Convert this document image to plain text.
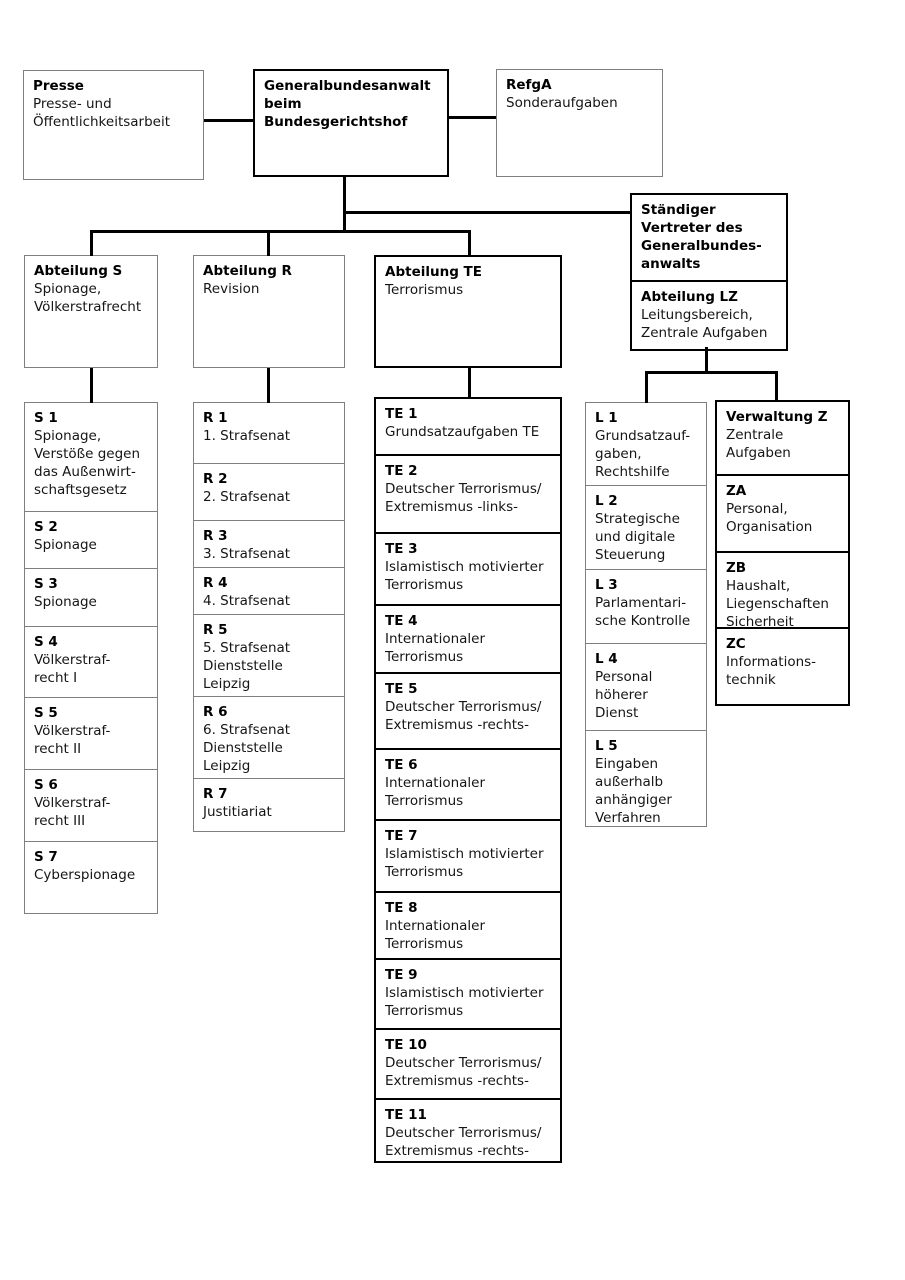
Presse
Presse- und
Öffentlichkeitsarbeit
Generalbundesanwalt
beim
Bundesgerichtshof
RefgA
Sonderaufgaben
Abteilung S
Spionage,
Völkerstrafrecht
Abteilung R
Revision
Abteilung TE
Terrorismus
Ständiger
Vertreter des
Generalbundes-
anwalts
Abteilung LZ
Leitungsbereich,
Zentrale Aufgaben
S 1
Spionage,
Verstöße gegen
das Außenwirt-
schaftsgesetz
S 2
Spionage
S 3
Spionage
S 4
Völkerstraf-
recht I
S 5
Völkerstraf-
recht II
S 6
Völkerstraf-
recht III
S 7
Cyberspionage
R 1
1. Strafsenat
R 2
2. Strafsenat
R 3
3. Strafsenat
R 4
4. Strafsenat
R 5
5. Strafsenat
Dienststelle
Leipzig
R 6
6. Strafsenat
Dienststelle
Leipzig
R 7
Justitiariat
TE 1
Grundsatzaufgaben TE
TE 2
Deutscher Terrorismus/
Extremismus -links-
TE 3
Islamistisch motivierter
Terrorismus
TE 4
Internationaler
Terrorismus
TE 5
Deutscher Terrorismus/
Extremismus -rechts-
TE 6
Internationaler
Terrorismus
TE 7
Islamistisch motivierter
Terrorismus
TE 8
Internationaler
Terrorismus
TE 9
Islamistisch motivierter
Terrorismus
TE 10
Deutscher Terrorismus/
Extremismus -rechts-
TE 11
Deutscher Terrorismus/
Extremismus -rechts-
L 1
Grundsatzauf-
gaben,
Rechtshilfe
L 2
Strategische
und digitale
Steuerung
L 3
Parlamentari-
sche Kontrolle
L 4
Personal
höherer
Dienst
L 5
Eingaben
außerhalb
anhängiger
Verfahren
Verwaltung Z
Zentrale
Aufgaben
ZA
Personal,
Organisation
ZB
Haushalt,
Liegenschaften
Sicherheit
ZC
Informations-
technik
